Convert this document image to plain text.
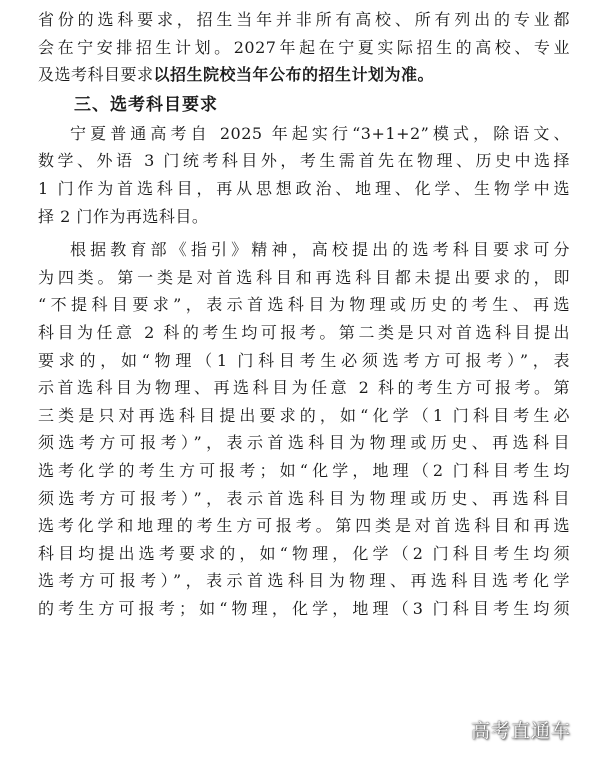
省份的选科要求，招生当年并非所有高校、所有列出的专业都
会在宁安排招生计划。2027年起在宁夏实际招生的高校、专业
及选考科目要求以招生院校当年公布的招生计划为准。
三、选考科目要求
宁夏普通高考自 2025 年起实行“3+1+2”模式，除语文、
数学、外语 3 门统考科目外，考生需首先在物理、历史中选择
1 门作为首选科目，再从思想政治、地理、化学、生物学中选
择 2 门作为再选科目。
根据教育部《指引》精神，高校提出的选考科目要求可分
为四类。第一类是对首选科目和再选科目都未提出要求的，即
“不提科目要求”，表示首选科目为物理或历史的考生、再选
科目为任意 2 科的考生均可报考。第二类是只对首选科目提出
要求的，如“物理（1 门科目考生必须选考方可报考）”，表
示首选科目为物理、再选科目为任意 2 科的考生方可报考。第
三类是只对再选科目提出要求的，如“化学（1 门科目考生必
须选考方可报考）”，表示首选科目为物理或历史、再选科目
选考化学的考生方可报考；如“化学，地理（2 门科目考生均
须选考方可报考）”，表示首选科目为物理或历史、再选科目
选考化学和地理的考生方可报考。第四类是对首选科目和再选
科目均提出选考要求的，如“物理，化学（2 门科目考生均须
选考方可报考）”，表示首选科目为物理、再选科目选考化学
的考生方可报考；如“物理，化学，地理（3 门科目考生均须
高考直通车
